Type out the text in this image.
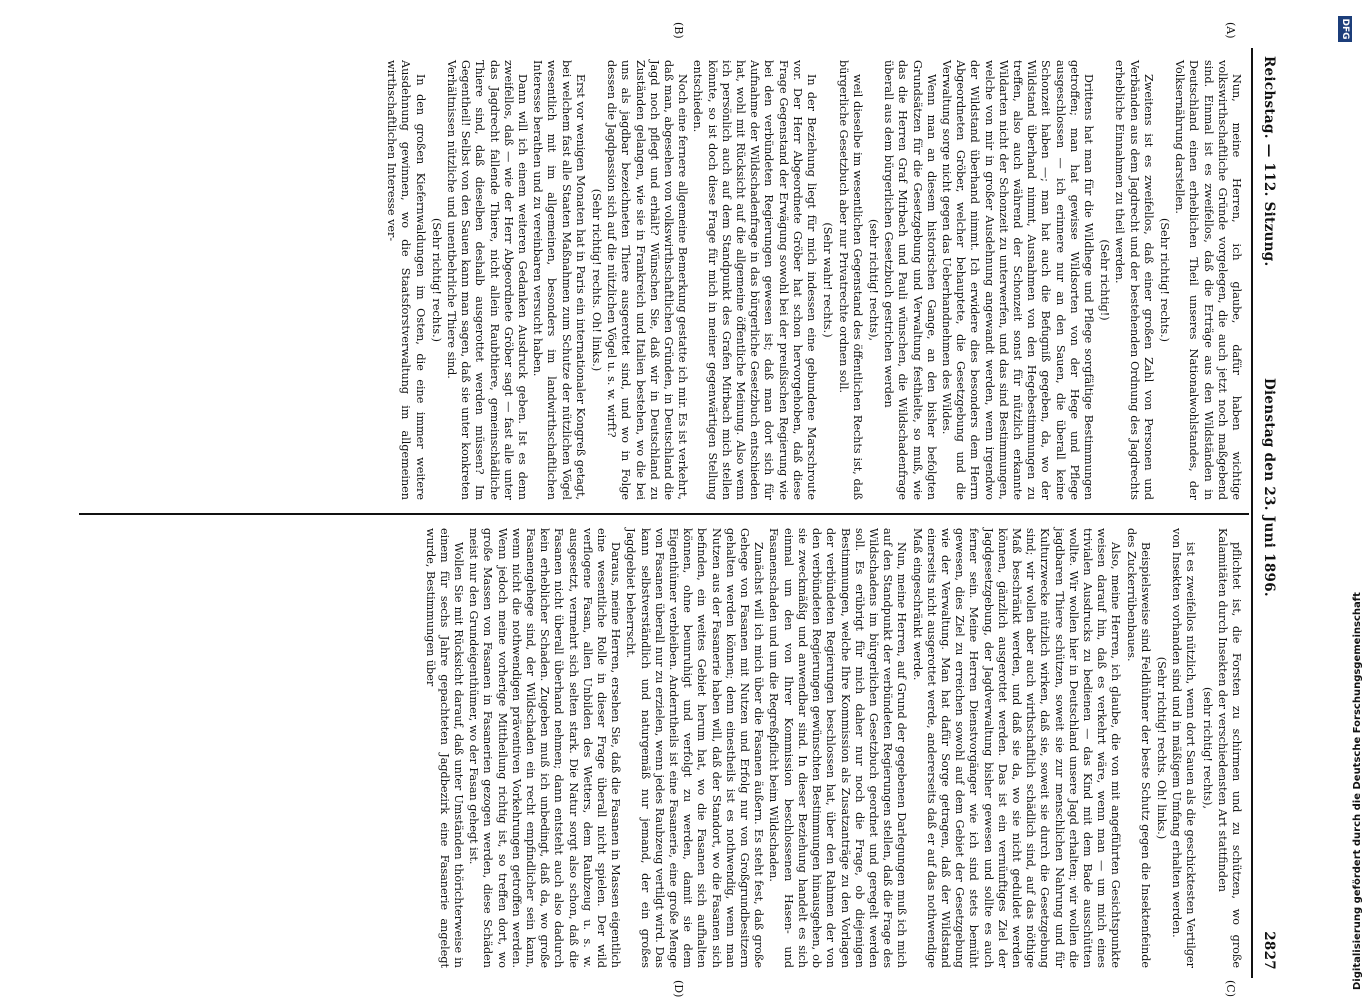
Reichstag. — 112. Sitzung.
Dienstag den 23. Juni 1896.
2827
(A)
(B)
(C)
(D)

Nun, meine Herren, ich glaube, dafür haben wichtige volkswirthschaftliche Gründe vorgelegen, die auch jetzt noch maßgebend sind. Einmal ist es zweifellos, daß die Erträge aus den Wildständen in Deutschland einen erheblichen Theil unseres Nationalwohlstandes, der Volksernährung darstellen.

(Sehr richtig! rechts.)

Zweitens ist es zweifellos, daß einer großen Zahl von Personen und Verbänden aus dem Jagdrecht und der bestehenden Ordnung des Jagdrechts erhebliche Einnahmen zu theil werden.

(Sehr richtig!)

Drittens hat man für die Wildhege und Pflege sorgfältige Bestimmungen getroffen; man hat gewisse Wildsorten von der Hege und Pflege ausgeschlossen — ich erinnere nur an den Sauen, die überall keine Schonzeit haben —; man hat auch die Befugniß gegeben, da, wo der Wildstand überhand nimmt, Ausnahmen von den Hegebestimmungen zu treffen, also auch während der Schonzeit sonst für nützlich erkannte Wildarten nicht der Schonzeit zu unterwerfen, und das sind Bestimmungen, welche von mir in großer Ausdehnung angewandt werden, wenn irgendwo der Wildstand überhand nimmt. Ich erwidere dies besonders dem Herrn Abgeordneten Gröber, welcher behauptete, die Gesetzgebung und die Verwaltung sorge nicht gegen das Ueberhandnehmen des Wildes.

Wenn man an diesem historischen Gange, an den bisher befolgten Grundsätzen für die Gesetzgebung und Verwaltung festhielte, so muß, wie das die Herren Graf Mirbach und Pauli wünschen, die Wildschadenfrage überall aus dem bürgerlichen Gesetzbuch gestrichen werden

(sehr richtig! rechts),

weil dieselbe im wesentlichen Gegenstand des öffentlichen Rechts ist, daß bürgerliche Gesetzbuch aber nur Privatrechte ordnen soll.

(Sehr wahr! rechts.)

In der Beziehung liegt für mich indessen eine gebundene Marschroute vor. Der Herr Abgeordnete Gröber hat schon hervorgehoben, daß diese Frage Gegenstand der Erwägung sowohl bei der preußischen Regierung wie bei den verbündeten Regierungen gewesen ist; daß man dort sich für Aufnahme der Wildschadenfrage in das bürgerliche Gesetzbuch entschieden hat, wohl mit Rücksicht auf die allgemeine öffentliche Meinung. Also wenn ich persönlich auch auf dem Standpunkt des Grafen Mirbach mich stellen könnte, so ist doch diese Frage für mich in meiner gegenwärtigen Stellung entschieden.

Noch eine fernere allgemeine Bemerkung gestatte ich mir. Es ist verkehrt, daß man, abgesehen von volkswirthschaftlichen Gründen, in Deutschland die Jagd noch pflegt und erhält? Wünschen Sie, daß wir in Deutschland zu Zuständen gelangen, wie sie in Frankreich und Italien bestehen, wo die bei uns als jagdbar bezeichneten Thiere ausgerottet sind, und wo in Folge dessen die Jagdpassion sich auf die nützlichen Vögel u. s. w. wirft?

(Sehr richtig! rechts. Oh! links.)

Erst vor wenigen Monaten hat in Paris ein internationaler Kongreß getagt, bei welchem fast alle Staaten Maßnahmen zum Schutze der nützlichen Vögel wesentlich mit im allgemeinen, besonders im landwirthschaftlichen Interesse berathen und zu vereinbaren versucht haben.

Dann will ich einem weiteren Gedanken Ausdruck geben. Ist es denn zweifellos, daß — wie der Herr Abgeordnete Gröber sagt — fast alle unter das Jagdrecht fallende Thiere, nicht allein Raubthiere, gemeinschädliche Thiere sind, daß dieselben deshalb ausgerottet werden müssen? Im Gegentheil! Selbst von den Sauen kann man sagen, daß sie unter konkreten Verhältnissen nützliche und unentbehrliche Thiere sind.

(Sehr richtig! rechts.)

In den großen Kiefernwaldungen im Osten, die eine immer weitere Ausdehnung gewinnen, wo die Staatsforstverwaltung im allgemeinen wirthschaftlichen Interesse ver-

pflichtet ist, die Forsten zu schirmen und zu schützen, wo große Kalamitäten durch Insekten der verschiedensten Art stattfinden

(sehr richtig! rechts),

ist es zweifellos nützlich, wenn dort Sauen als die geschicktesten Vertilger von Insekten vorhanden sind und in mäßigem Umfang erhalten werden.

(Sehr richtig! rechts. Oh! links.)

Beispielsweise sind Feldhühner der beste Schutz gegen die Insektenfeinde des Zuckerrübenbaues.

Also, meine Herren, ich glaube, die von mit angeführten Gesichtspunkte weisen darauf hin, daß es verkehrt wäre, wenn man — um mich eines trivialen Ausdrucks zu bedienen — das Kind mit dem Bade ausschütten wollte. Wir wollen hier in Deutschland unsere Jagd erhalten; wir wollen die jagdbaren Thiere schützen, soweit sie zur menschlichen Nahrung und für Kulturzwecke nützlich wirken, daß sie, soweit sie durch die Gesetzgebung sind; wir wollen aber auch wirthschaftlich schädlich sind, auf das nöthige Maß beschränkt werden, und daß sie da, wo sie nicht geduldet werden können, gänzlich ausgerottet werden. Das ist ein vernünftiges Ziel der Jagdgesetzgebung, der Jagdverwaltung bisher gewesen und sollte es auch ferner sein. Meine Herren Dienstvorgänger wie ich sind stets bemüht gewesen, dies Ziel zu erreichen sowohl auf dem Gebiet der Gesetzgebung wie der Verwaltung. Man hat dafür Sorge getragen, daß der Wildstand einerseits nicht ausgerottet werde, andererseits daß er auf das nothwendige Maß eingeschränkt werde.

Nun, meine Herren, auf Grund der gegebenen Darlegungen muß ich mich auf den Standpunkt der verbündeten Regierungen stellen, daß die Frage des Wildschadens im bürgerlichen Gesetzbuch geordnet und geregelt werden soll. Es erübrigt für mich daher nur noch die Frage, ob diejenigen Bestimmungen, welche Ihre Kommission als Zusatzanträge zu den Vorlagen der verbündeten Regierungen beschlossen hat, über den Rahmen der von den verbündeten Regierungen gewünschten Bestimmungen hinausgehen, ob sie zweckmäßig und anwendbar sind. In dieser Beziehung handelt es sich einmal um den von Ihrer Kommission beschlossenen Hasen- und Fasanenschaden und um die Regreßpflicht beim Wildschaden.

Zunächst will ich mich über die Fasanen äußern. Es steht fest, daß große Gehege von Fasanen mit Nutzen und Erfolg nur von Großgrundbesitzern gehalten werden können; denn einestheils ist es nothwendig, wenn man Nutzen aus der Fasanerie haben will, daß der Standort, wo die Fasanen sich befinden, ein weites Gebiet herum hat, wo die Fasanen sich aufhalten können, ohne beunruhigt und verfolgt zu werden, damit sie dem Eigenthümer verbleiben. Anderntheils ist eine Fasanerie, eine große Menge von Fasanen überall nur zu erzielen, wenn jedes Raubzeug vertilgt wird. Das kann selbstverständlich und naturgemäß nur jemand, der ein großes Jagdgebiet beherrscht.

Daraus, meine Herren, ersehen Sie, daß die Fasanen in Massen eigentlich eine wesentliche Rolle in dieser Frage überall nicht spielen. Der wild verflogene Fasan, allen Unbilden des Wetters, dem Raubzeug u. s. w. ausgesetzt, vermehrt sich selten stark. Die Natur sorgt also schon, daß die Fasanen nicht überall überhand nehmen; dann entsteht auch also dadurch kein erheblicher Schaden. Zugeben muß ich unbedingt, daß da, wo große Fasanengehege sind, der Wildschaden ein recht empfindlicher sein kann, wenn nicht die nothwendigen präventiven Vorkehrungen getroffen werden. Wenn jedoch meine vorherige Mittheilung richtig ist, so treffen dort, wo große Massen von Fasanen in Fasanerien gezogen werden, diese Schäden meist nur den Grundeigenthümer, wo der Fasan gehegt ist.

Wollen Sie mit Rücksicht darauf, daß unter Umständen thörichterweise in einem für sechs Jahre gepachteten Jagdbezirk eine Fasanerie angelegt wurde, Bestimmungen über	Digitalisierung gefördert durch die Deutsche Forschungsgemeinschaft
DFG
